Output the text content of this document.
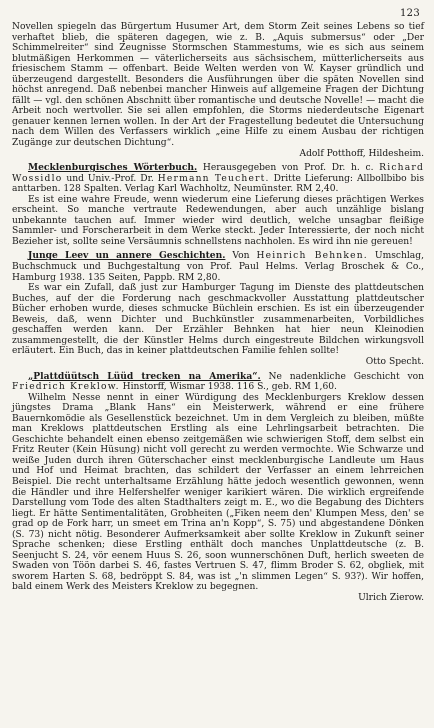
123

Novellen spiegeln das Bürgertum Husumer Art, dem Storm Zeit seines Lebens so tief verhaftet blieb, die späteren dagegen, wie z. B. „Aquis submersus“ oder „Der Schimmelreiter“ sind Zeugnisse Stormschen Stammestums, wie es sich aus seinem blutmäßigen Herkommen — väterlicherseits aus sächsischem, mütterlicherseits aus friesischem Stamm — offenbart. Beide Welten werden von W. Kayser gründlich und überzeugend dargestellt. Besonders die Ausführungen über die späten Novellen sind höchst anregend. Daß nebenbei mancher Hinweis auf allgemeine Fragen der Dichtung fällt — vgl. den schönen Abschnitt über romantische und deutsche Novelle! — macht die Arbeit noch wertvoller. Sie sei allen empfohlen, die Storms niederdeutsche Eigenart genauer kennen lernen wollen. In der Art der Fragestellung bedeutet die Untersuchung nach dem Willen des Verfassers wirklich „eine Hilfe zu einem Ausbau der richtigen Zugänge zur deutschen Dichtung“.

Adolf Potthoff, Hildesheim.

Mecklenburgisches Wörterbuch. Herausgegeben von Prof. Dr. h. c. Richard Wossidlo und Univ.-Prof. Dr. Hermann Teuchert. Dritte Lieferung: Allbollbibo bis anttarben. 128 Spalten. Verlag Karl Wachholtz, Neumünster. RM 2,40.

Es ist eine wahre Freude, wenn wiederum eine Lieferung dieses prächtigen Werkes erscheint. So manche vertraute Redewendungen, aber auch unzählige bislang unbekannte tauchen auf. Immer wieder wird deutlich, welche unsagbar fleißige Sammler- und Forscherarbeit in dem Werke steckt. Jeder Interessierte, der noch nicht Bezieher ist, sollte seine Versäumnis schnellstens nachholen. Es wird ihn nie gereuen!

Junge Leev un annere Geschichten. Von Heinrich Behnken. Umschlag, Buchschmuck und Buchgestaltung von Prof. Paul Helms. Verlag Broschek & Co., Hamburg 1938. 135 Seiten, Pappb. RM 2,80.

Es war ein Zufall, daß just zur Hamburger Tagung im Dienste des plattdeutschen Buches, auf der die Forderung nach geschmackvoller Ausstattung plattdeutscher Bücher erhoben wurde, dieses schmucke Büchlein erschien. Es ist ein überzeugender Beweis, daß, wenn Dichter und Buchkünstler zusammenarbeiten, Vorbildliches geschaffen werden kann. Der Erzähler Behnken hat hier neun Kleinodien zusammengestellt, die der Künstler Helms durch eingestreute Bildchen wirkungsvoll erläutert. Ein Buch, das in keiner plattdeutschen Familie fehlen sollte!

Otto Specht.

„Plattdüütsch Lüüd trecken na Amerika“. Ne nadenkliche Geschicht von Friedrich Kreklow. Hinstorff, Wismar 1938. 116 S., geb. RM 1,60.

Wilhelm Nesse nennt in einer Würdigung des Mecklenburgers Kreklow dessen jüngstes Drama „Blank Hans“ ein Meisterwerk, während er eine frühere Bauernkomödie als Gesellenstück bezeichnet. Um in dem Vergleich zu bleiben, müßte man Kreklows plattdeutschen Erstling als eine Lehrlingsarbeit betrachten. Die Geschichte behandelt einen ebenso zeitgemäßen wie schwierigen Stoff, dem selbst ein Fritz Reuter (Kein Hüsung) nicht voll gerecht zu werden vermochte. Wie Schwarze und weiße Juden durch ihren Güterschacher einst mecklenburgische Landleute um Haus und Hof und Heimat brachten, das schildert der Verfasser an einem lehrreichen Beispiel. Die recht unterhaltsame Erzählung hätte jedoch wesentlich gewonnen, wenn die Händler und ihre Helfershelfer weniger karikiert wären. Die wirklich ergreifende Darstellung vom Tode des alten Stadthalters zeigt m. E., wo die Begabung des Dichters liegt. Er hätte Sentimentalitäten, Grobheiten („Fiken neem den' Klumpen Mess, den' se grad op de Fork harr, un smeet em Trina an'n Kopp“, S. 75) und abgestandene Dönken (S. 73) nicht nötig. Besonderer Aufmerksamkeit aber sollte Kreklow in Zukunft seiner Sprache schenken; diese Erstling enthält doch manches Unplattdeutsche (z. B. Seenjucht S. 24, vör eenem Huus S. 26, soon wunnerschönen Duft, herlich sweeten de Swaden von Töön darbei S. 46, fastes Vertruen S. 47, flimm Broder S. 62, obgliek, mit sworem Harten S. 68, bedröppt S. 84, was ist „'n slimmen Legen“ S. 93?). Wir hoffen, bald einem Werk des Meisters Kreklow zu begegnen.

Ulrich Zierow.
